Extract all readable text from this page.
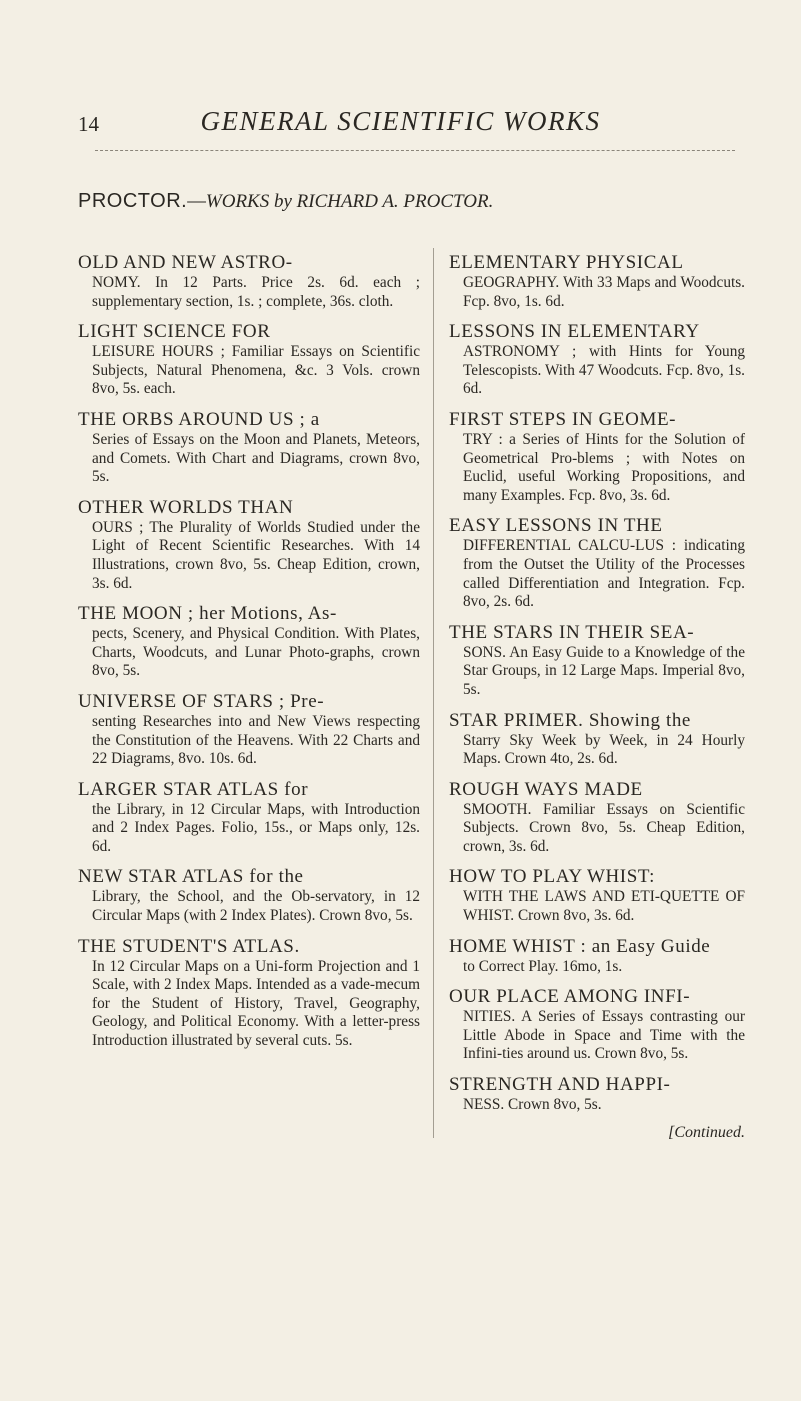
14	GENERAL SCIENTIFIC WORKS
PROCTOR.—WORKS by RICHARD A. PROCTOR.

OLD AND NEW ASTRO-

NOMY. In 12 Parts. Price 2s. 6d. each ; supplementary section, 1s. ; complete, 36s. cloth.

LIGHT SCIENCE FOR

LEISURE HOURS ; Familiar Essays on Scientific Subjects, Natural Phenomena, &c. 3 Vols. crown 8vo, 5s. each.

THE ORBS AROUND US ; a

Series of Essays on the Moon and Planets, Meteors, and Comets. With Chart and Diagrams, crown 8vo, 5s.

OTHER WORLDS THAN

OURS ; The Plurality of Worlds Studied under the Light of Recent Scientific Researches. With 14 Illustrations, crown 8vo, 5s. Cheap Edition, crown, 3s. 6d.

THE MOON ; her Motions, As-

pects, Scenery, and Physical Condition. With Plates, Charts, Woodcuts, and Lunar Photo-graphs, crown 8vo, 5s.

UNIVERSE OF STARS ; Pre-

senting Researches into and New Views respecting the Constitution of the Heavens. With 22 Charts and 22 Diagrams, 8vo. 10s. 6d.

LARGER STAR ATLAS for

the Library, in 12 Circular Maps, with Introduction and 2 Index Pages. Folio, 15s., or Maps only, 12s. 6d.

NEW STAR ATLAS for the

Library, the School, and the Ob-servatory, in 12 Circular Maps (with 2 Index Plates). Crown 8vo, 5s.

THE STUDENT'S ATLAS.

In 12 Circular Maps on a Uni-form Projection and 1 Scale, with 2 Index Maps. Intended as a vade-mecum for the Student of History, Travel, Geography, Geology, and Political Economy. With a letter-press Introduction illustrated by several cuts. 5s.

ELEMENTARY PHYSICAL

GEOGRAPHY. With 33 Maps and Woodcuts. Fcp. 8vo, 1s. 6d.

LESSONS IN ELEMENTARY

ASTRONOMY ; with Hints for Young Telescopists. With 47 Woodcuts. Fcp. 8vo, 1s. 6d.

FIRST STEPS IN GEOME-

TRY : a Series of Hints for the Solution of Geometrical Pro-blems ; with Notes on Euclid, useful Working Propositions, and many Examples. Fcp. 8vo, 3s. 6d.

EASY LESSONS IN THE

DIFFERENTIAL CALCU-LUS : indicating from the Outset the Utility of the Processes called Differentiation and Integration. Fcp. 8vo, 2s. 6d.

THE STARS IN THEIR SEA-

SONS. An Easy Guide to a Knowledge of the Star Groups, in 12 Large Maps. Imperial 8vo, 5s.

STAR PRIMER. Showing the

Starry Sky Week by Week, in 24 Hourly Maps. Crown 4to, 2s. 6d.

ROUGH WAYS MADE

SMOOTH. Familiar Essays on Scientific Subjects. Crown 8vo, 5s. Cheap Edition, crown, 3s. 6d.

HOW TO PLAY WHIST:

WITH THE LAWS AND ETI-QUETTE OF WHIST. Crown 8vo, 3s. 6d.

HOME WHIST : an Easy Guide

to Correct Play. 16mo, 1s.

OUR PLACE AMONG INFI-

NITIES. A Series of Essays contrasting our Little Abode in Space and Time with the Infini-ties around us. Crown 8vo, 5s.

STRENGTH AND HAPPI-

NESS. Crown 8vo, 5s.

[Continued.
